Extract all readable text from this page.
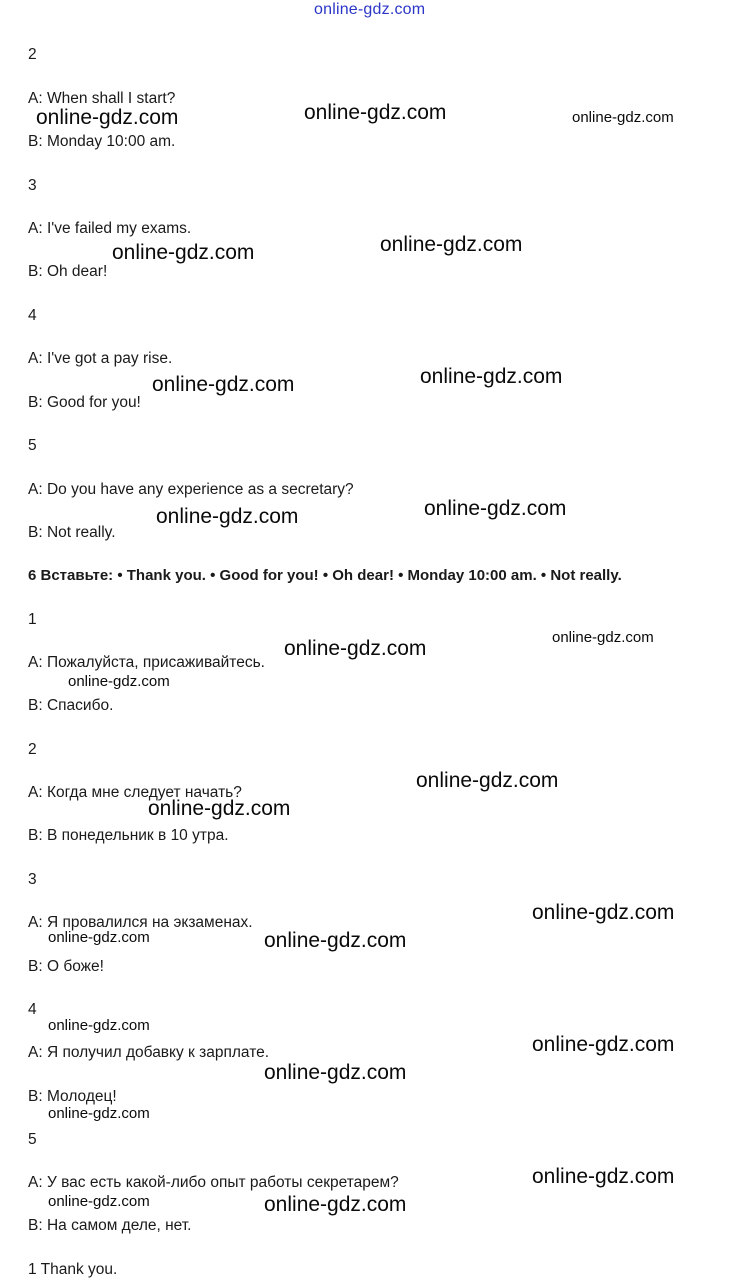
online-gdz.com
2
A: When shall I start?
B: Monday 10:00 am.
3
A: I've failed my exams.
B: Oh dear!
4
A: I've got a pay rise.
B: Good for you!
5
A: Do you have any experience as a secretary?
B: Not really.
6 Вставьте: • Thank you. • Good for you! • Oh dear! • Monday 10:00 am. • Not really.
1
A: Пожалуйста, присаживайтесь.
B: Спасибо.
2
A: Когда мне следует начать?
B: В понедельник в 10 утра.
3
A: Я провалился на экзаменах.
B: О боже!
4
A: Я получил добавку к зарплате.
B: Молодец!
5
A: У вас есть какой-либо опыт работы секретарем?
B: На самом деле, нет.
1 Thank you.
online-gdz.com	online-gdz.com	online-gdz.com
online-gdz.com
online-gdz.com
online-gdz.com
online-gdz.com
online-gdz.com
online-gdz.com
online-gdz.com
online-gdz.com
online-gdz.com
online-gdz.com
online-gdz.com
online-gdz.com
online-gdz.com	online-gdz.com
online-gdz.com
online-gdz.com
online-gdz.com
online-gdz.com
online-gdz.com
online-gdz.com	online-gdz.com
